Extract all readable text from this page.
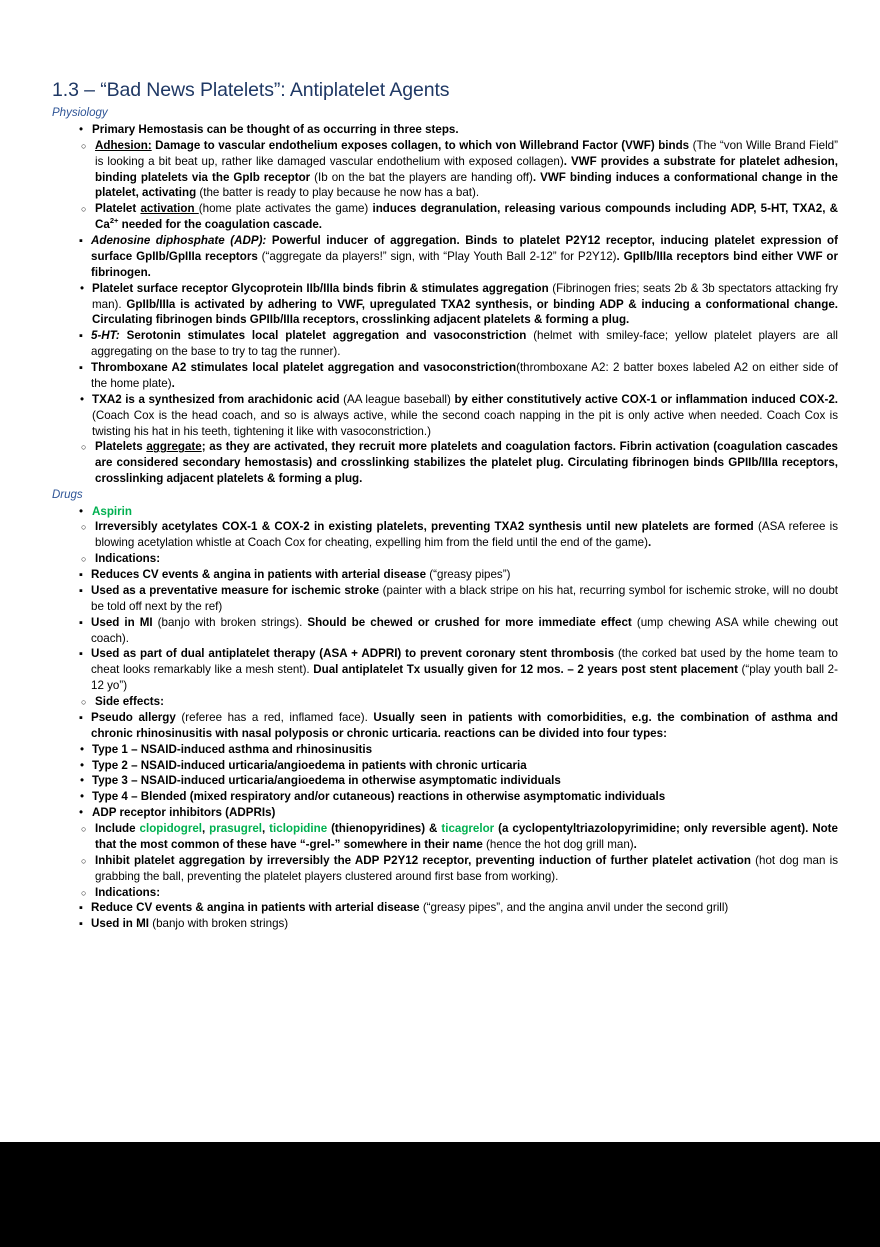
1.3 – “Bad News Platelets”: Antiplatelet Agents
Physiology
•
Primary Hemostasis can be thought of as occurring in three steps.
○
Adhesion: Damage to vascular endothelium exposes collagen, to which von Willebrand Factor (VWF) binds (The “von Wille Brand Field” is looking a bit beat up, rather like damaged vascular endothelium with exposed collagen). VWF provides a substrate for platelet adhesion, binding platelets via the GpIb receptor (Ib on the bat the players are handing off). VWF binding induces a conformational change in the platelet, activating (the batter is ready to play because he now has a bat).
○
Platelet activation (home plate activates the game) induces degranulation, releasing various compounds including ADP, 5-HT, TXA2, & $Ca^{2+}$ needed for the coagulation cascade.
▪
Adenosine diphosphate (ADP): Powerful inducer of aggregation. Binds to platelet P2Y12 receptor, inducing platelet expression of surface GpIIb/GpIIIa receptors (“aggregate da players!” sign, with “Play Youth Ball 2-12” for P2Y12). GpIIb/IIIa receptors bind either VWF or fibrinogen.
•
Platelet surface receptor Glycoprotein IIb/IIIa binds fibrin & stimulates aggregation (Fibrinogen fries; seats 2b & 3b spectators attacking fry man). GpIIb/IIIa is activated by adhering to VWF, upregulated TXA2 synthesis, or binding ADP & inducing a conformational change. Circulating fibrinogen binds GPIIb/IIIa receptors, crosslinking adjacent platelets & forming a plug.
▪
5-HT: Serotonin stimulates local platelet aggregation and vasoconstriction (helmet with smiley-face; yellow platelet players are all aggregating on the base to try to tag the runner).
▪
Thromboxane A2 stimulates local platelet aggregation and vasoconstriction(thromboxane A2: 2 batter boxes labeled A2 on either side of the home plate).
•
TXA2 is a synthesized from arachidonic acid (AA league baseball) by either constitutively active COX-1 or inflammation induced COX-2. (Coach Cox is the head coach, and so is always active, while the second coach napping in the pit is only active when needed. Coach Cox is twisting his hat in his teeth, tightening it like with vasoconstriction.)
○
Platelets aggregate; as they are activated, they recruit more platelets and coagulation factors. Fibrin activation (coagulation cascades are considered secondary hemostasis) and crosslinking stabilizes the platelet plug. Circulating fibrinogen binds GPIIb/IIIa receptors, crosslinking adjacent platelets & forming a plug.
Drugs
•
Aspirin
○
Irreversibly acetylates COX-1 & COX-2 in existing platelets, preventing TXA2 synthesis until new platelets are formed (ASA referee is blowing acetylation whistle at Coach Cox for cheating, expelling him from the field until the end of the game).
○
Indications:
▪
Reduces CV events & angina in patients with arterial disease (“greasy pipes”)
▪
Used as a preventative measure for ischemic stroke (painter with a black stripe on his hat, recurring symbol for ischemic stroke, will no doubt be told off next by the ref)
▪
Used in MI (banjo with broken strings). Should be chewed or crushed for more immediate effect (ump chewing ASA while chewing out coach).
▪
Used as part of dual antiplatelet therapy (ASA + ADPRI) to prevent coronary stent thrombosis (the corked bat used by the home team to cheat looks remarkably like a mesh stent). Dual antiplatelet Tx usually given for 12 mos. – 2 years post stent placement (“play youth ball 2-12 yo”)
○
Side effects:
▪
Pseudo allergy (referee has a red, inflamed face). Usually seen in patients with comorbidities, e.g. the combination of asthma and chronic rhinosinusitis with nasal polyposis or chronic urticaria. reactions can be divided into four types:
•
Type 1 – NSAID-induced asthma and rhinosinusitis
•
Type 2 – NSAID-induced urticaria/angioedema in patients with chronic urticaria
•
Type 3 – NSAID-induced urticaria/angioedema in otherwise asymptomatic individuals
•
Type 4 – Blended (mixed respiratory and/or cutaneous) reactions in otherwise asymptomatic individuals
•
ADP receptor inhibitors (ADPRIs)
○
Include clopidogrel, prasugrel, ticlopidine (thienopyridines) & ticagrelor (a cyclopentyltriazolopyrimidine; only reversible agent). Note that the most common of these have “-grel-” somewhere in their name (hence the hot dog grill man).
○
Inhibit platelet aggregation by irreversibly the ADP P2Y12 receptor, preventing induction of further platelet activation (hot dog man is grabbing the ball, preventing the platelet players clustered around first base from working).
○
Indications:
▪
Reduce CV events & angina in patients with arterial disease (“greasy pipes”, and the angina anvil under the second grill)
▪
Used in MI (banjo with broken strings)
